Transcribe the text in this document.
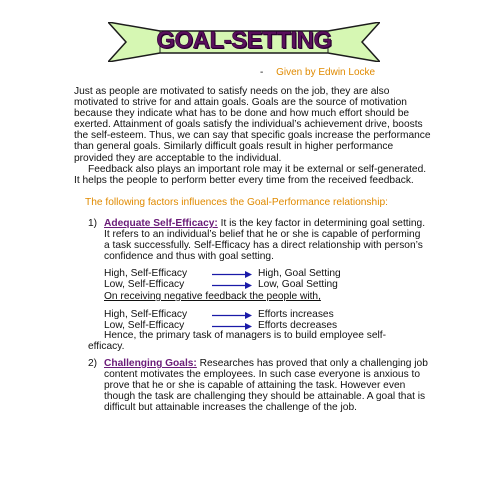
GOAL-SETTING
- Given by Edwin Locke
Just as people are motivated to satisfy needs on the job, they are also motivated to strive for and attain goals. Goals are the source of motivation because they indicate what has to be done and how much effort should be exerted. Attainment of goals satisfy the individual’s achievement drive, boosts the self-esteem. Thus, we can say that specific goals increase the performance than general goals. Similarly difficult goals result in higher performance provided they are acceptable to the individual.
Feedback also plays an important role may it be external or self-generated. It helps the people to perform better every time from the received feedback.
The following factors influences the Goal-Performance relationship:
1) Adequate Self-Efficacy: It is the key factor in determining goal setting. It refers to an individual’s belief that he or she is capable of performing a task successfully. Self-Efficacy has a direct relationship with person’s confidence and thus with goal setting.
High, Self-Efficacy	High, Goal Setting
Low, Self-Efficacy	Low, Goal Setting
On receiving negative feedback the people with,
High, Self-Efficacy	Efforts increases
Low, Self-Efficacy	Efforts decreases
Hence, the primary task of managers is to build employee self-
efficacy.
2) Challenging Goals: Researches has proved that only a challenging job content motivates the employees. In such case everyone is anxious to prove that he or she is capable of attaining the task. However even though the task are challenging they should be attainable. A goal that is difficult but attainable increases the challenge of the job.
